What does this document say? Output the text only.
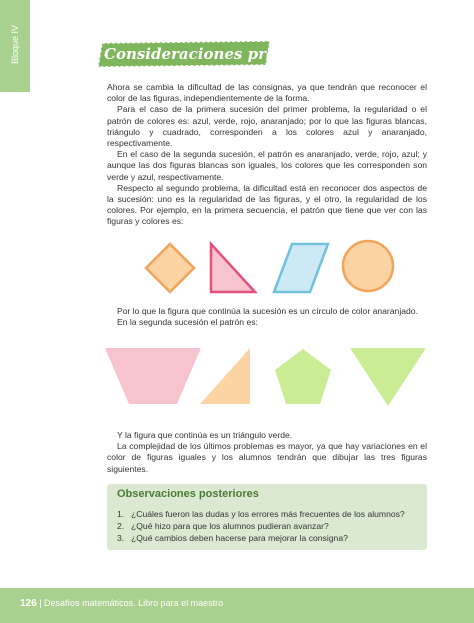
Bloque IV	Consideraciones previas

Ahora se cambia la dificultad de las consignas, ya que tendrán que reconocer el color de las figuras, independientemente de la forma.

Para el caso de la primera sucesión del primer problema, la regularidad o el patrón de colores es: azul, verde, rojo, anaranjado; por lo que las figuras blancas, triángulo y cuadrado, corresponden a los colores azul y anaranjado, respectivamente.

En el caso de la segunda sucesión, el patrón es anaranjado, verde, rojo, azul; y aunque las dos figuras blancas son iguales, los colores que les corresponden son verde y azul, respectivamente.

Respecto al segundo problema, la dificultad está en reconocer dos aspectos de la sucesión: uno es la regularidad de las figuras, y el otro, la regularidad de los colores. Por ejemplo, en la primera secuencia, el patrón que tiene que ver con las figuras y colores es:

Por lo que la figura que continúa la sucesión es un círculo de color anaranjado.

En la segunda sucesión el patrón es:

Y la figura que continúa es un triángulo verde.

La complejidad de los últimos problemas es mayor, ya que hay variaciones en el color de figuras iguales y los alumnos tendrán que dibujar las tres figuras siguientes.

Observaciones posteriores
1. ¿Cuáles fueron las dudas y los errores más frecuentes de los alumnos?
2. ¿Qué hizo para que los alumnos pudieran avanzar?
3. ¿Qué cambios deben hacerse para mejorar la consigna?
126 | Desafíos matemáticos. Libro para el maestro
